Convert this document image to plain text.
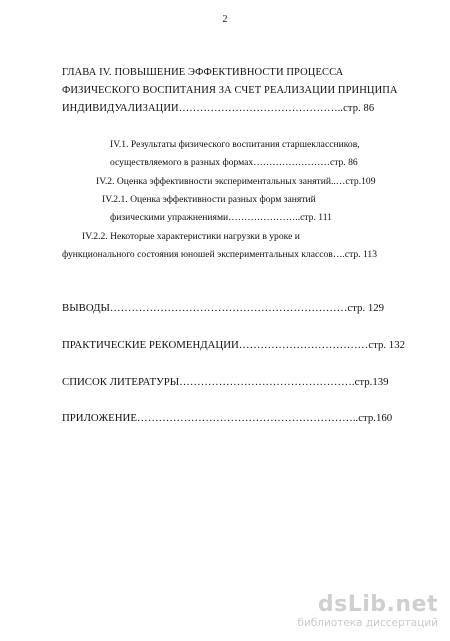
2
ГЛАВА IV. ПОВЫШЕНИЕ ЭФФЕКТИВНОСТИ ПРОЦЕССА
ФИЗИЧЕСКОГО ВОСПИТАНИЯ ЗА СЧЕТ РЕАЛИЗАЦИИ ПРИНЦИПА
ИНДИВИДУАЛИЗАЦИИ………………………………………..стр. 86
IV.1. Результаты физического воспитания старшеклассников,
осуществляемого в разных формах……………………стр. 86
IV.2. Оценка эффективности экспериментальных занятий..…стр.109
IV.2.1. Оценка эффективности разных форм занятий
физическими упражнениями…………………..стр. 111
IV.2.2. Некоторые характеристики нагрузки в уроке и
функционального состояния юношей экспериментальных классов….стр. 113
ВЫВОДЫ…………………………………………………………стр. 129
ПРАКТИЧЕСКИЕ РЕКОМЕНДАЦИИ………………………………стр. 132
СПИСОК ЛИТЕРАТУРЫ………………………………………….стр.139
ПРИЛОЖЕНИЕ……………………………………………………..стр.160
dsLib.net
библиотека диссертаций
